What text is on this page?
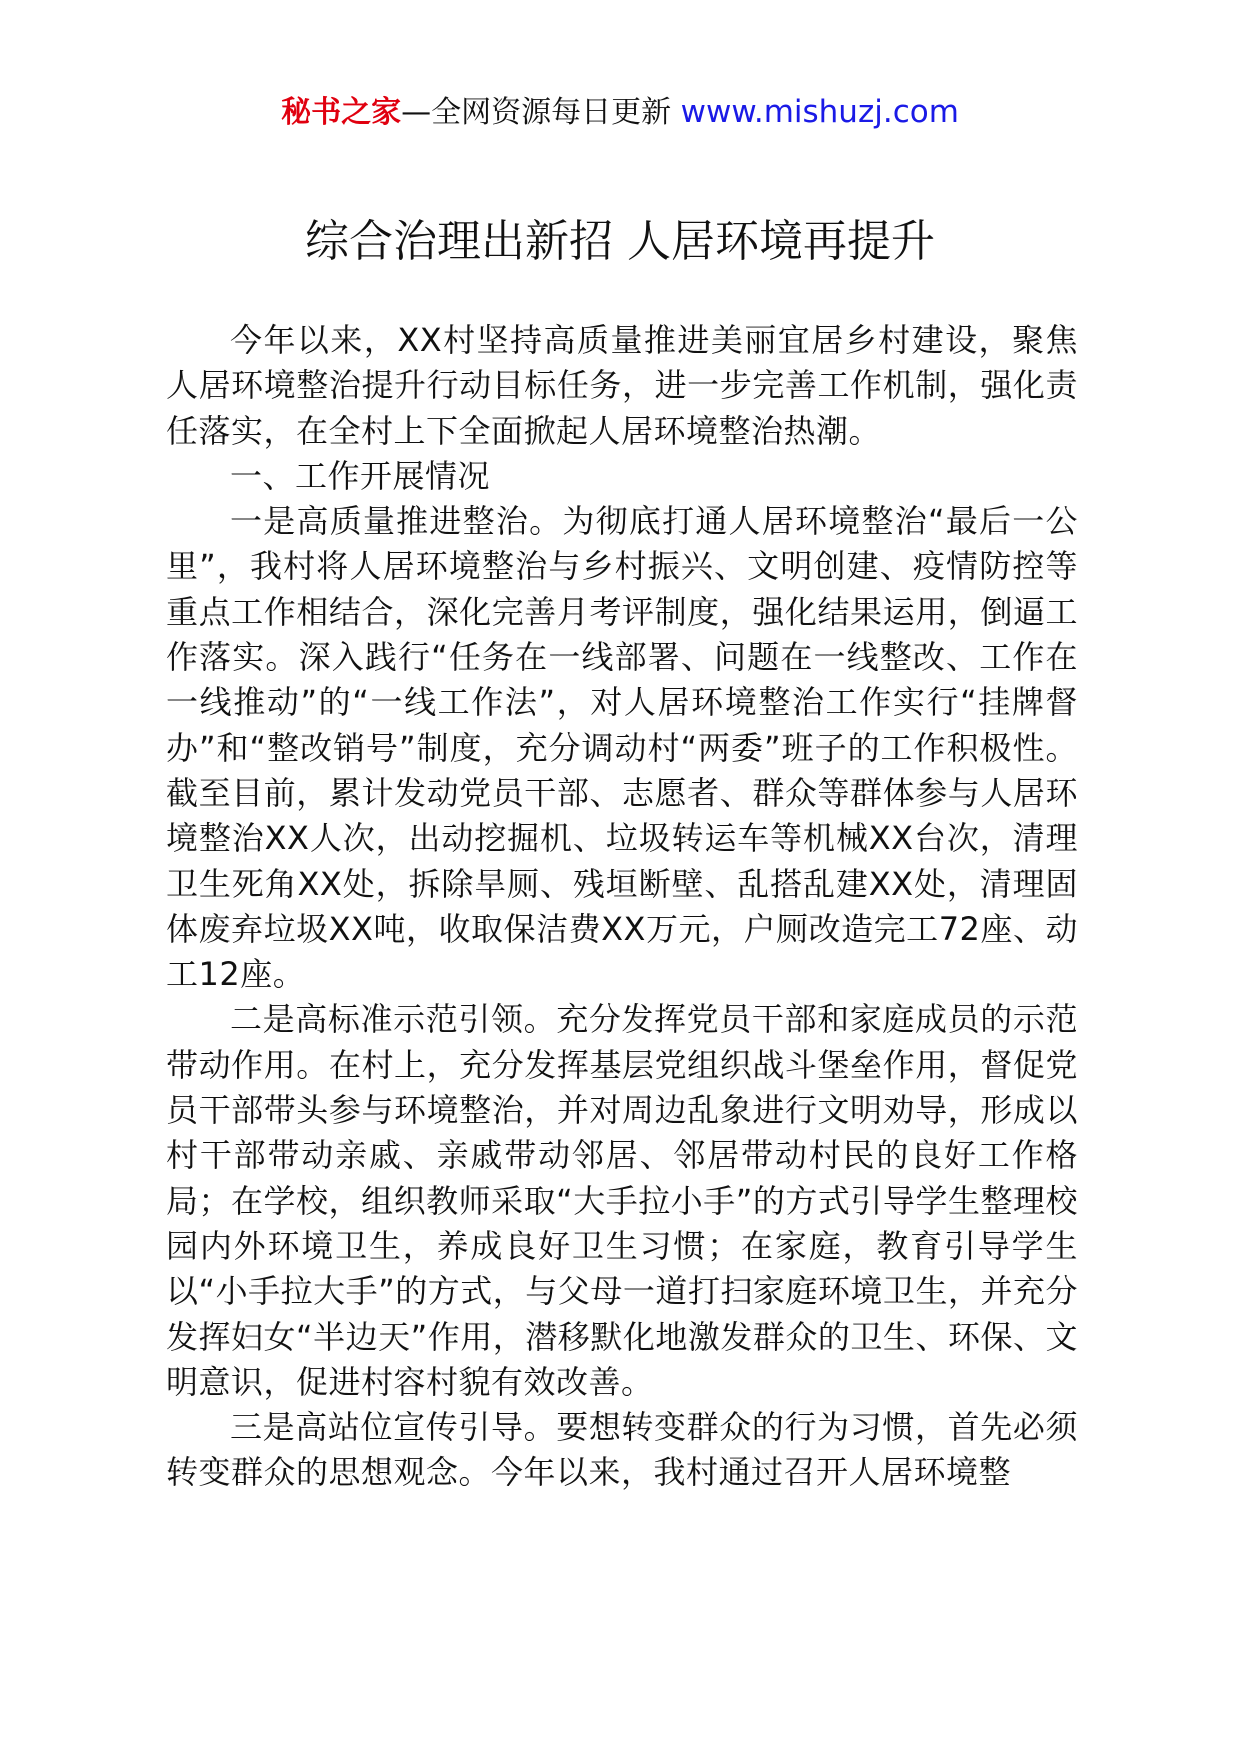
秘书之家—全网资源每日更新 www.mishuzj.com
综合治理出新招 人居环境再提升

今年以来，XX村坚持高质量推进美丽宜居乡村建设，聚焦人居环境整治提升行动目标任务，进一步完善工作机制，强化责任落实，在全村上下全面掀起人居环境整治热潮。

一、工作开展情况

一是高质量推进整治。为彻底打通人居环境整治“最后一公里”，我村将人居环境整治与乡村振兴、文明创建、疫情防控等重点工作相结合，深化完善月考评制度，强化结果运用，倒逼工作落实。深入践行“任务在一线部署、问题在一线整改、工作在一线推动”的“一线工作法”，对人居环境整治工作实行“挂牌督办”和“整改销号”制度，充分调动村“两委”班子的工作积极性。截至目前，累计发动党员干部、志愿者、群众等群体参与人居环境整治XX人次，出动挖掘机、垃圾转运车等机械XX台次，清理卫生死角XX处，拆除旱厕、残垣断壁、乱搭乱建XX处，清理固体废弃垃圾XX吨，收取保洁费XX万元，户厕改造完工72座、动工12座。

二是高标准示范引领。充分发挥党员干部和家庭成员的示范带动作用。在村上，充分发挥基层党组织战斗堡垒作用，督促党员干部带头参与环境整治，并对周边乱象进行文明劝导，形成以村干部带动亲戚、亲戚带动邻居、邻居带动村民的良好工作格局；在学校，组织教师采取“大手拉小手”的方式引导学生整理校园内外环境卫生，养成良好卫生习惯；在家庭，教育引导学生以“小手拉大手”的方式，与父母一道打扫家庭环境卫生，并充分发挥妇女“半边天”作用，潜移默化地激发群众的卫生、环保、文明意识，促进村容村貌有效改善。

三是高站位宣传引导。要想转变群众的行为习惯，首先必须转变群众的思想观念。今年以来，我村通过召开人居环境整
